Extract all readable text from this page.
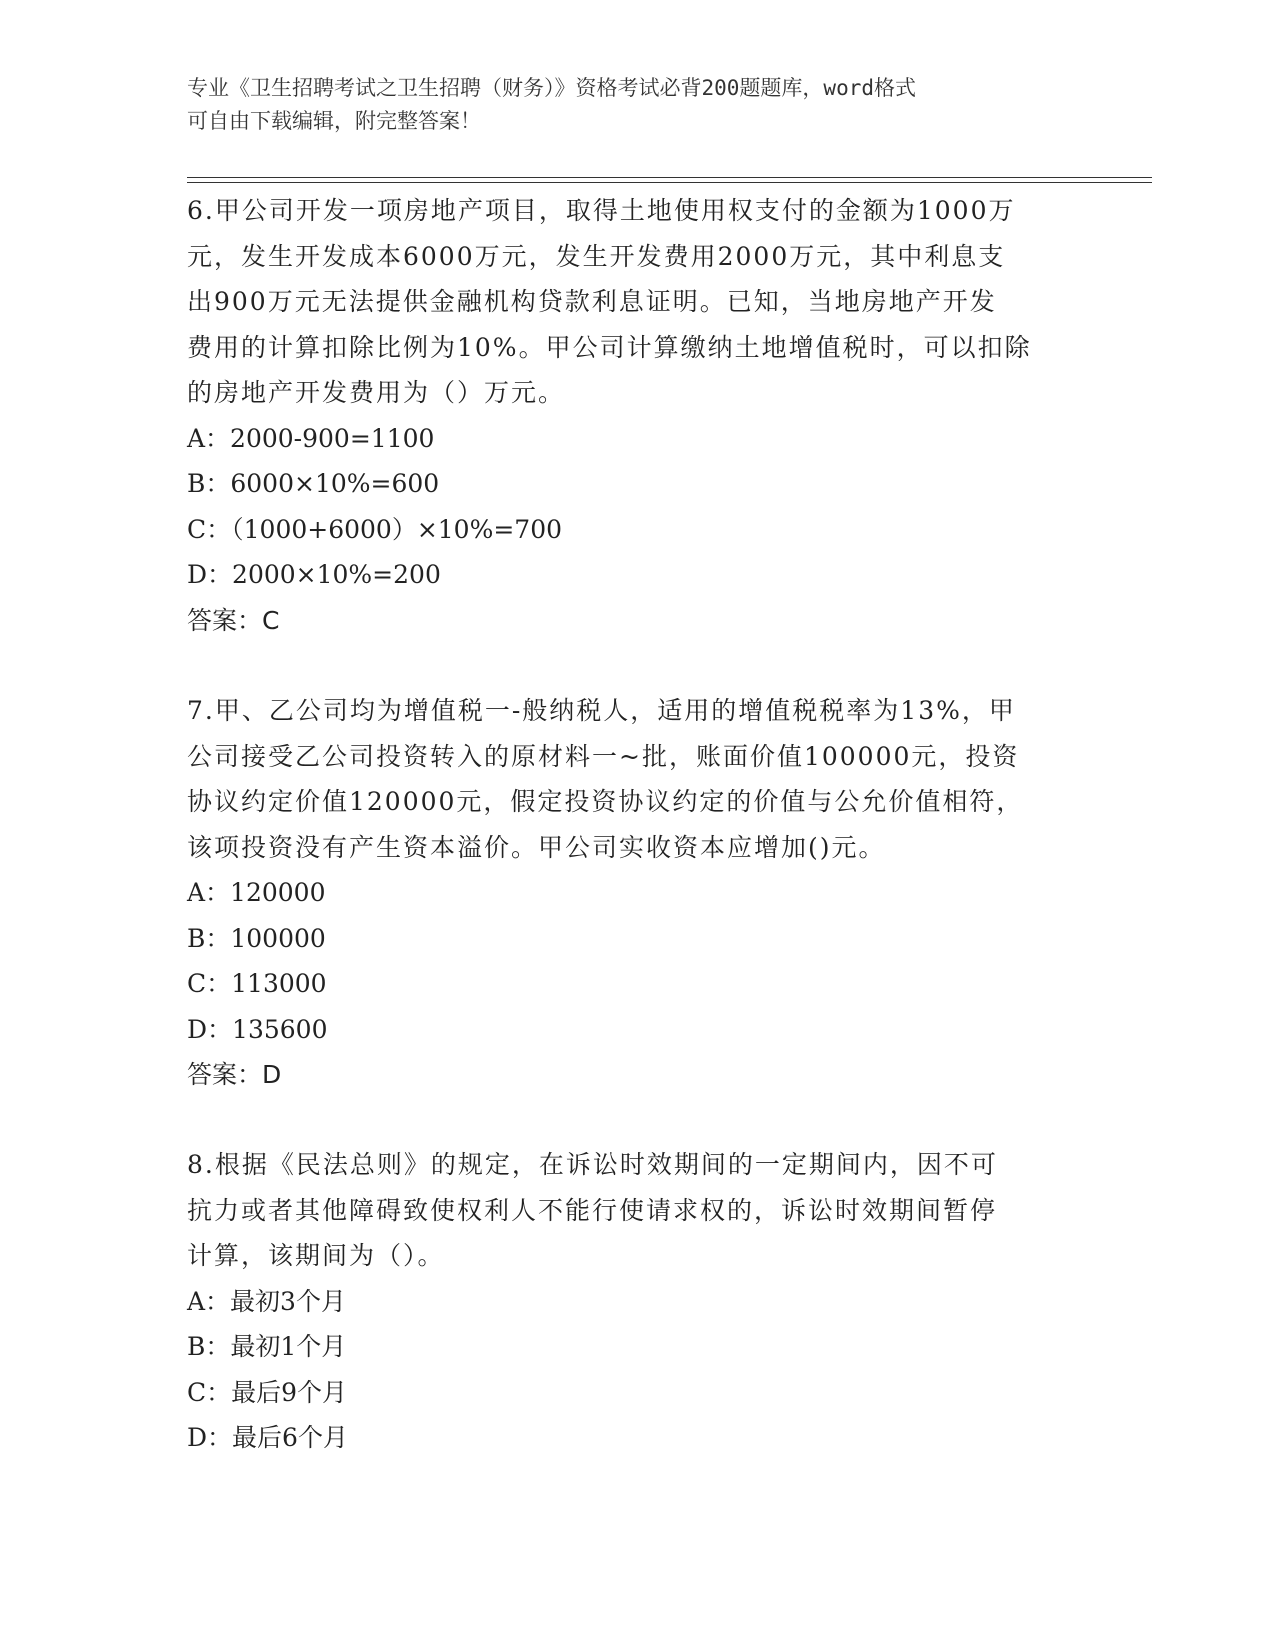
专业《卫生招聘考试之卫生招聘（财务）》资格考试必背200题题库，word格式
可自由下载编辑，附完整答案！
6.甲公司开发一项房地产项目，取得土地使用权支付的金额为1000万
元，发生开发成本6000万元，发生开发费用2000万元，其中利息支
出900万元无法提供金融机构贷款利息证明。已知，当地房地产开发
费用的计算扣除比例为10%。甲公司计算缴纳土地增值税时，可以扣除
的房地产开发费用为（）万元。
A：2000-900=1100
B：6000×10%=600
C：（1000+6000）×10%=700
D：2000×10%=200
答案：C
7.甲、乙公司均为增值税一-般纳税人，适用的增值税税率为13%，甲
公司接受乙公司投资转入的原材料一~批，账面价值100000元，投资
协议约定价值120000元，假定投资协议约定的价值与公允价值相符，
该项投资没有产生资本溢价。甲公司实收资本应增加()元。
A：120000
B：100000
C：113000
D：135600
答案：D
8.根据《民法总则》的规定，在诉讼时效期间的一定期间内，因不可
抗力或者其他障碍致使权利人不能行使请求权的，诉讼时效期间暂停
计算，该期间为（）。
A：最初3个月
B：最初1个月
C：最后9个月
D：最后6个月
